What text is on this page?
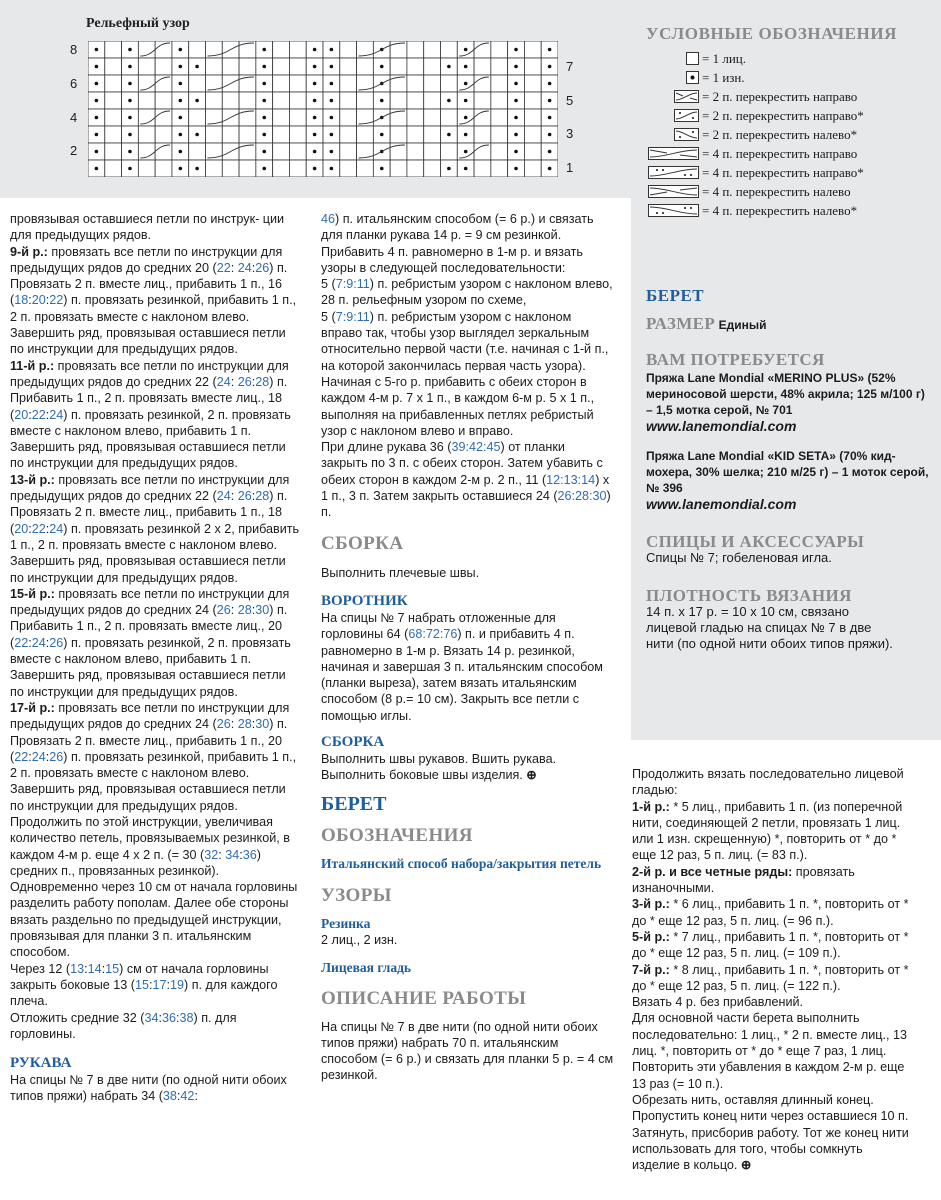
Рельефный узор
8
6
4
2
7
5
3
1
УСЛОВНЫЕ ОБОЗНАЧЕНИЯ
= 1 лиц.
= 1 изн.
= 2 п. перекрестить направо
= 2 п. перекрестить направо*
= 2 п. перекрестить налево*
= 4 п. перекрестить направо
= 4 п. перекрестить направо*
= 4 п. перекрестить налево
= 4 п. перекрестить налево*
БЕРЕТ
РАЗМЕР Единый
ВАМ ПОТРЕБУЕТСЯ
Пряжа Lane Mondial «MERINO PLUS» (52% мериносовой шерсти, 48% акрила; 125 м/100 г) – 1,5 мотка серой, № 701
www.lanemondial.com
Пряжа Lane Mondial «KID SETA» (70% кид-мохера, 30% шелка; 210 м/25 г) – 1 моток серой, № 396
www.lanemondial.com
СПИЦЫ И АКСЕССУАРЫ
Спицы № 7; гобеленовая игла.
ПЛОТНОСТЬ ВЯЗАНИЯ
14 п. х 17 р. = 10 х 10 см, связано лицевой гладью на спицах № 7 в две нити (по одной нити обоих типов пряжи).

провязывая оставшиеся петли по инструк- ции для предыдущих рядов.

9-й р.: провязать все петли по инструкции для предыдущих рядов до средних 20 (22: 24:26) п. Провязать 2 п. вместе лиц., прибавить 1 п., 16 (18:20:22) п. провязать резинкой, прибавить 1 п., 2 п. провязать вместе с наклоном влево. Завершить ряд, провязывая оставшиеся петли по инструкции для предыдущих рядов.

11-й р.: провязать все петли по инструкции для предыдущих рядов до средних 22 (24: 26:28) п. Прибавить 1 п., 2 п. провязать вместе лиц., 18 (20:22:24) п. провязать резинкой, 2 п. провязать вместе с наклоном влево, прибавить 1 п. Завершить ряд, провязывая оставшиеся петли по инструкции для предыдущих рядов.

13-й р.: провязать все петли по инструкции для предыдущих рядов до средних 22 (24: 26:28) п. Провязать 2 п. вместе лиц., прибавить 1 п., 18 (20:22:24) п. провязать резинкой 2 х 2, прибавить 1 п., 2 п. провязать вместе с наклоном влево. Завершить ряд, провязывая оставшиеся петли по инструкции для предыдущих рядов.

15-й р.: провязать все петли по инструкции для предыдущих рядов до средних 24 (26: 28:30) п. Прибавить 1 п., 2 п. провязать вместе лиц., 20 (22:24:26) п. провязать резинкой, 2 п. провязать вместе с наклоном влево, прибавить 1 п. Завершить ряд, провязывая оставшиеся петли по инструкции для предыдущих рядов.

17-й р.: провязать все петли по инструкции для предыдущих рядов до средних 24 (26: 28:30) п. Провязать 2 п. вместе лиц., прибавить 1 п., 20 (22:24:26) п. провязать резинкой, прибавить 1 п., 2 п. провязать вместе с наклоном влево. Завершить ряд, провязывая оставшиеся петли по инструкции для предыдущих рядов.

Продолжить по этой инструкции, увеличивая количество петель, провязываемых резинкой, в каждом 4-м р. еще 4 х 2 п. (= 30 (32: 34:36) средних п., провязанных резинкой).

Одновременно через 10 см от начала горловины разделить работу пополам. Далее обе стороны вязать раздельно по предыдущей инструкции, провязывая для планки 3 п. итальянским способом.

Через 12 (13:14:15) см от начала горловины закрыть боковые 13 (15:17:19) п. для каждого плеча.

Отложить средние 32 (34:36:38) п. для горловины.

РУКАВА

На спицы № 7 в две нити (по одной нити обоих типов пряжи) набрать 34 (38:42:

46) п. итальянским способом (= 6 р.) и связать для планки рукава 14 р. = 9 см резинкой.

Прибавить 4 п. равномерно в 1-м р. и вязать узоры в следующей последовательности:

5 (7:9:11) п. ребристым узором с наклоном влево, 28 п. рельефным узором по схеме,

5 (7:9:11) п. ребристым узором с наклоном вправо так, чтобы узор выглядел зеркальным относительно первой части (т.е. начиная с 1-й п., на которой закончилась первая часть узора).

Начиная с 5-го р. прибавить с обеих сторон в каждом 4-м р. 7 х 1 п., в каждом 6-м р. 5 х 1 п., выполняя на прибавленных петлях ребристый узор с наклоном влево и вправо.

При длине рукава 36 (39:42:45) от планки закрыть по 3 п. с обеих сторон. Затем убавить с обеих сторон в каждом 2-м р. 2 п., 11 (12:13:14) х 1 п., 3 п. Затем закрыть оставшиеся 24 (26:28:30) п.

СБОРКА

Выполнить плечевые швы.

ВОРОТНИК

На спицы № 7 набрать отложенные для горловины 64 (68:72:76) п. и прибавить 4 п. равномерно в 1-м р. Вязать 14 р. резинкой, начиная и завершая 3 п. итальянским способом (планки выреза), затем вязать итальянским способом (8 р.= 10 см). Закрыть все петли с помощью иглы.

СБОРКА

Выполнить швы рукавов. Вшить рукава. Выполнить боковые швы изделия. ⊕

БЕРЕТ

ОБОЗНАЧЕНИЯ

Итальянский способ набора/закрытия петель

УЗОРЫ

Резинка

2 лиц., 2 изн.

Лицевая гладь

ОПИСАНИЕ РАБОТЫ

На спицы № 7 в две нити (по одной нити обоих типов пряжи) набрать 70 п. итальянским способом (= 6 р.) и связать для планки 5 р. = 4 см резинкой.

Продолжить вязать последовательно лицевой гладью:

1-й р.: * 5 лиц., прибавить 1 п. (из поперечной нити, соединяющей 2 петли, провязать 1 лиц. или 1 изн. скрещенную) *, повторить от * до * еще 12 раз, 5 п. лиц. (= 83 п.).

2-й р. и все четные ряды: провязать изнаночными.

3-й р.: * 6 лиц., прибавить 1 п. *, повторить от * до * еще 12 раз, 5 п. лиц. (= 96 п.).

5-й р.: * 7 лиц., прибавить 1 п. *, повторить от * до * еще 12 раз, 5 п. лиц. (= 109 п.).

7-й р.: * 8 лиц., прибавить 1 п. *, повторить от * до * еще 12 раз, 5 п. лиц. (= 122 п.).

Вязать 4 р. без прибавлений.

Для основной части берета выполнить последовательно: 1 лиц., * 2 п. вместе лиц., 13 лиц. *, повторить от * до * еще 7 раз, 1 лиц.

Повторить эти убавления в каждом 2-м р. еще 13 раз (= 10 п.).

Обрезать нить, оставляя длинный конец. Пропустить конец нити через оставшиеся 10 п. Затянуть, присборив работу. Тот же конец нити использовать для того, чтобы сомкнуть изделие в кольцо. ⊕
